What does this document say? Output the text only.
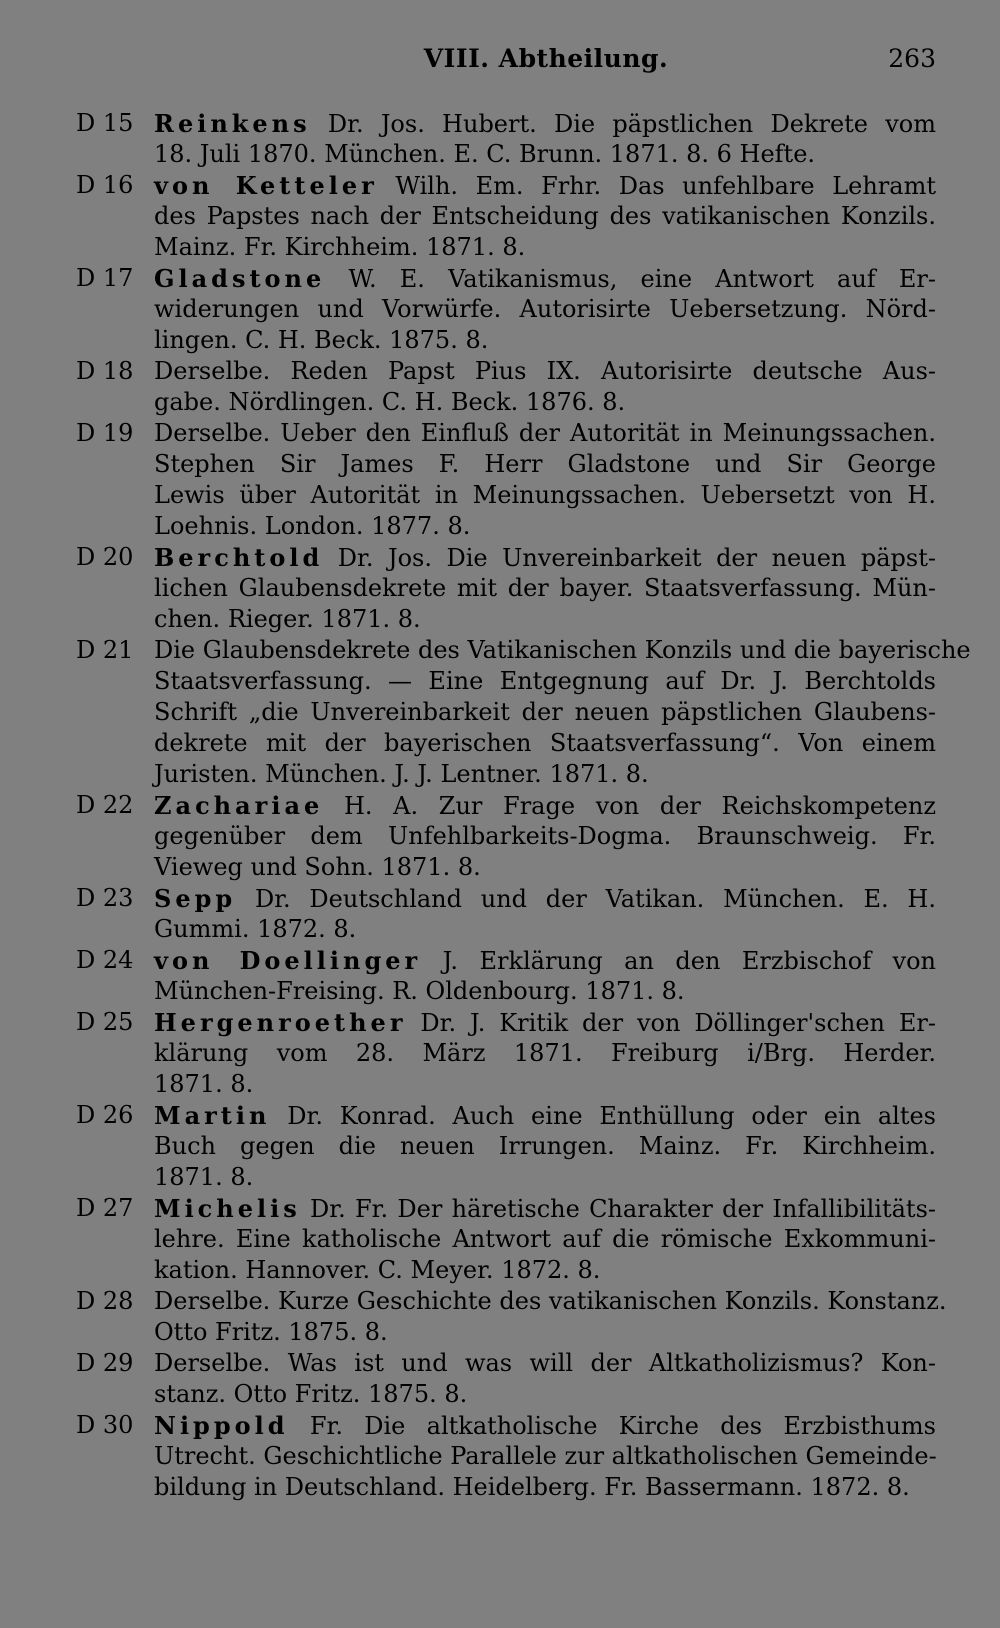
VIII. Abtheilung.	263
D 15 Reinkens Dr. Jos. Hubert. Die päpstlichen Dekrete vom
18. Juli 1870. München. E. C. Brunn. 1871. 8. 6 Hefte.
D 16 von Ketteler Wilh. Em. Frhr. Das unfehlbare Lehramt
des Papstes nach der Entscheidung des vatikanischen Konzils.
Mainz. Fr. Kirchheim. 1871. 8.
D 17 Gladstone W. E. Vatikanismus, eine Antwort auf Er-
widerungen und Vorwürfe. Autorisirte Uebersetzung. Nörd-
lingen. C. H. Beck. 1875. 8.
D 18 Derselbe. Reden Papst Pius IX. Autorisirte deutsche Aus-
gabe. Nördlingen. C. H. Beck. 1876. 8.
D 19 Derselbe. Ueber den Einfluß der Autorität in Meinungssachen.
Stephen Sir James F. Herr Gladstone und Sir George
Lewis über Autorität in Meinungssachen. Uebersetzt von H.
Loehnis. London. 1877. 8.
D 20 Berchtold Dr. Jos. Die Unvereinbarkeit der neuen päpst-
lichen Glaubensdekrete mit der bayer. Staatsverfassung. Mün-
chen. Rieger. 1871. 8.
D 21 Die Glaubensdekrete des Vatikanischen Konzils und die bayerische
Staatsverfassung. — Eine Entgegnung auf Dr. J. Berchtolds
Schrift „die Unvereinbarkeit der neuen päpstlichen Glaubens-
dekrete mit der bayerischen Staatsverfassung“. Von einem
Juristen. München. J. J. Lentner. 1871. 8.
D 22 Zachariae H. A. Zur Frage von der Reichskompetenz
gegenüber dem Unfehlbarkeits-Dogma. Braunschweig. Fr.
Vieweg und Sohn. 1871. 8.
D 23 Sepp Dr. Deutschland und der Vatikan. München. E. H.
Gummi. 1872. 8.
D 24 von Doellinger J. Erklärung an den Erzbischof von
München-Freising. R. Oldenbourg. 1871. 8.
D 25 Hergenroether Dr. J. Kritik der von Döllinger'schen Er-
klärung vom 28. März 1871. Freiburg i/Brg. Herder.
1871. 8.
D 26 Martin Dr. Konrad. Auch eine Enthüllung oder ein altes
Buch gegen die neuen Irrungen. Mainz. Fr. Kirchheim.
1871. 8.
D 27 Michelis Dr. Fr. Der häretische Charakter der Infallibilitäts-
lehre. Eine katholische Antwort auf die römische Exkommuni-
kation. Hannover. C. Meyer. 1872. 8.
D 28 Derselbe. Kurze Geschichte des vatikanischen Konzils. Konstanz.
Otto Fritz. 1875. 8.
D 29 Derselbe. Was ist und was will der Altkatholizismus? Kon-
stanz. Otto Fritz. 1875. 8.
D 30 Nippold Fr. Die altkatholische Kirche des Erzbisthums
Utrecht. Geschichtliche Parallele zur altkatholischen Gemeinde-
bildung in Deutschland. Heidelberg. Fr. Bassermann. 1872. 8.
